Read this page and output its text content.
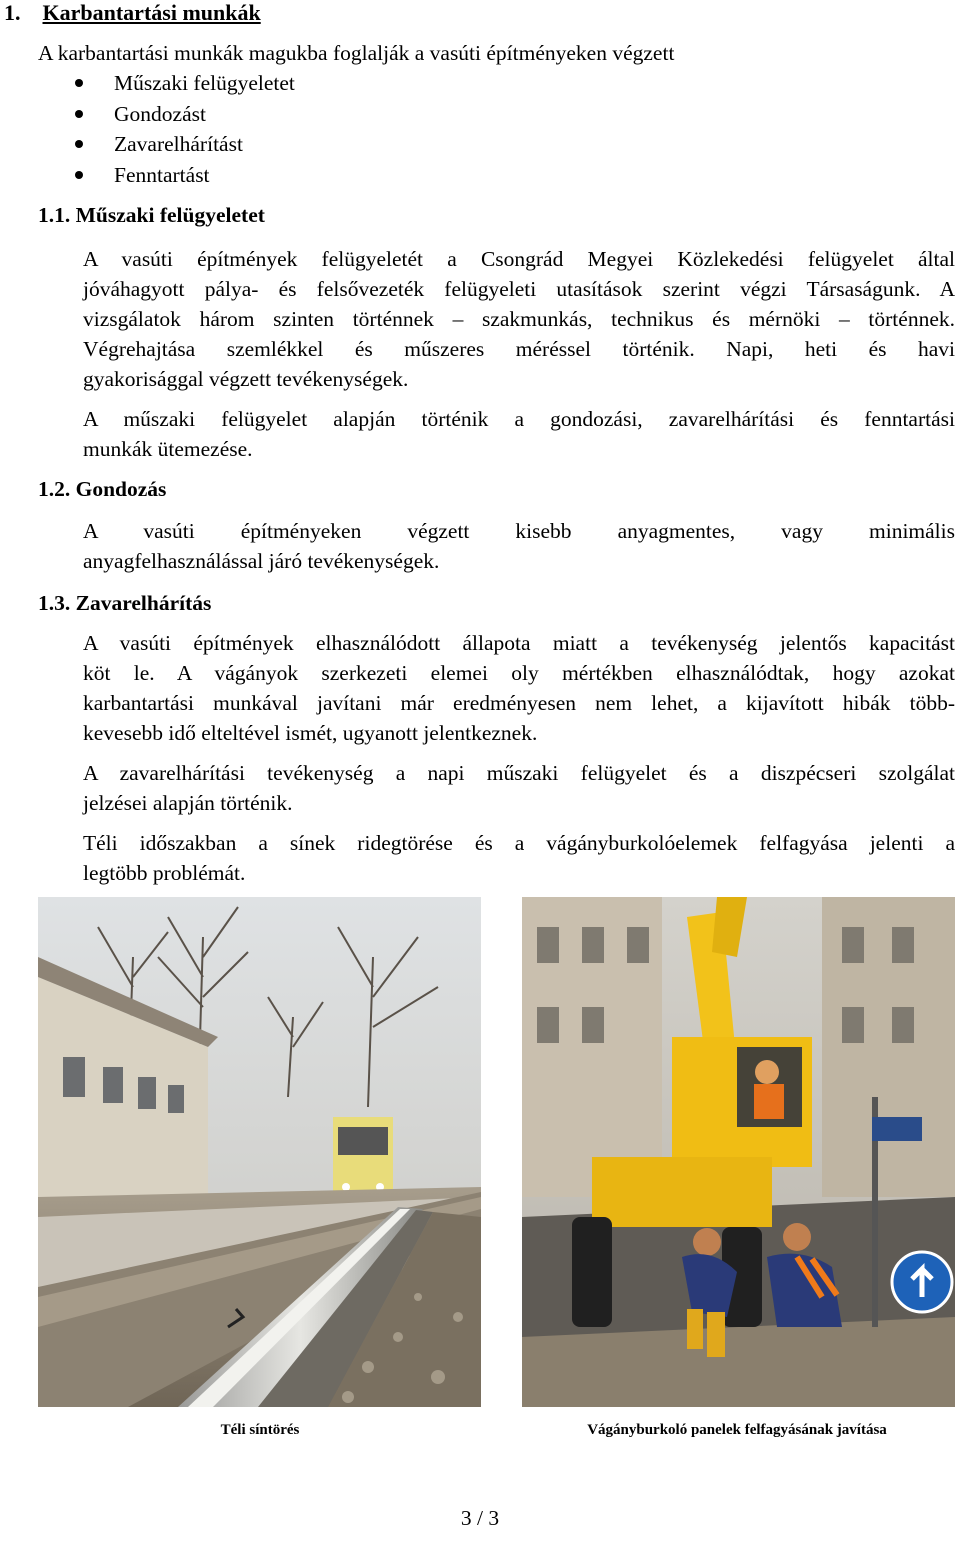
1. Karbantartási munkák
A karbantartási munkák magukba foglalják a vasúti építményeken végzett
Műszaki felügyeletet
Gondozást
Zavarelhárítást
Fenntartást
1.1. Műszaki felügyeletet
A vasúti építmények felügyeletét a Csongrád Megyei Közlekedési felügyelet által
jóváhagyott pálya- és felsővezeték felügyeleti utasítások szerint végzi Társaságunk. A
vizsgálatok három szinten történnek – szakmunkás, technikus és mérnöki – történnek.
Végrehajtása szemlékkel és műszeres méréssel történik. Napi, heti és havi
gyakorisággal végzett tevékenységek.
A műszaki felügyelet alapján történik a gondozási, zavarelhárítási és fenntartási
munkák ütemezése.
1.2. Gondozás
A vasúti építményeken végzett kisebb anyagmentes, vagy minimális
anyagfelhasználással járó tevékenységek.
1.3. Zavarelhárítás
A vasúti építmények elhasználódott állapota miatt a tevékenység jelentős kapacitást
köt le. A vágányok szerkezeti elemei oly mértékben elhasználódtak, hogy azokat
karbantartási munkával javítani már eredményesen nem lehet, a kijavított hibák több-
kevesebb idő elteltével ismét, ugyanott jelentkeznek.
A zavarelhárítási tevékenység a napi műszaki felügyelet és a diszpécseri szolgálat
jelzései alapján történik.
Téli időszakban a sínek ridegtörése és a vágányburkolóelemek felfagyása jelenti a
legtöbb problémát.
Téli síntörés	Vágányburkoló panelek felfagyásának javítása
3 / 3
